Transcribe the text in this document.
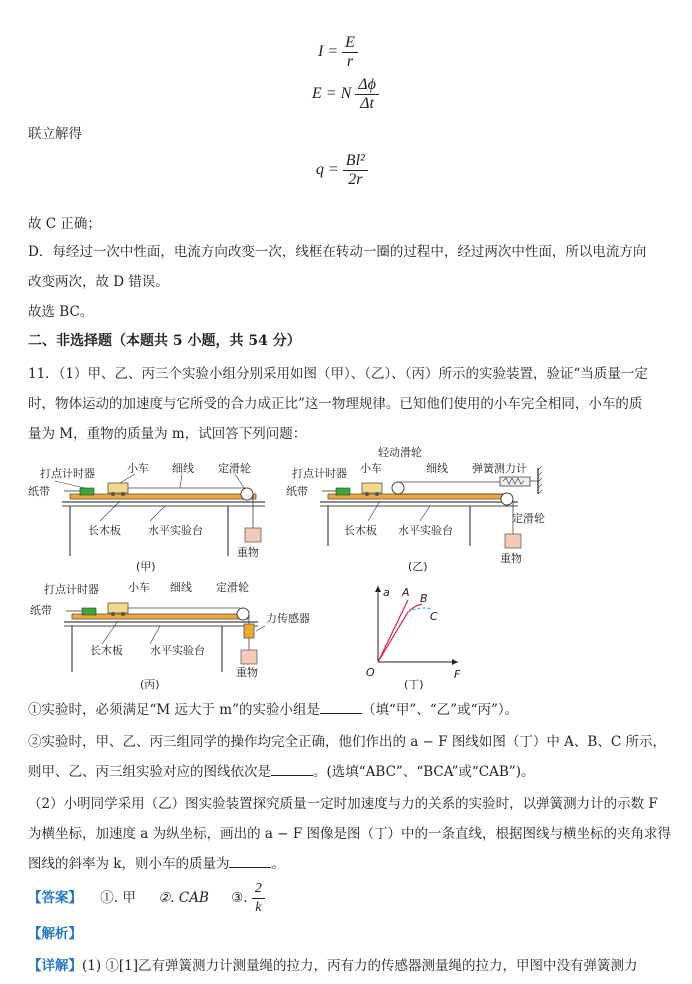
$I = \frac{E}{r}$
E = N $\frac{\Delta\phi}{\Delta t}$
联立解得
$q = \frac{\text{Bl²}}{2r}$
故 C 正确；
D．每经过一次中性面，电流方向改变一次，线框在转动一圈的过程中，经过两次中性面，所以电流方向
改变两次，故 D 错误。
故选 BC。
二、非选择题（本题共 5 小题，共 54 分）
11．（1）甲、乙、丙三个实验小组分别采用如图（甲）、（乙）、（丙）所示的实验装置，验证“当质量一定
时，物体运动的加速度与它所受的合力成正比”这一物理规律。已知他们使用的小车完全相同，小车的质
量为 M，重物的质量为 m，试回答下列问题：
打点计时器	小车 细线 定滑轮
纸带
长木板 水平实验台
重物
(甲)
轻动滑轮
打点计时器 小车	细线 弹簧测力计
纸带
定滑轮
长木板 水平实验台
重物
(乙)
打点计时器	小车 细线 定滑轮
纸带
力传感器
长木板 水平实验台
重物
(丙)
a
F
O
A B
C
(丁)
①实验时，必须满足“M 远大于 m”的实验小组是	（填“甲”、“乙”或“丙”）。
②实验时，甲、乙、丙三组同学的操作均完全正确，他们作出的 a − F 图线如图（丁）中 A、B、C 所示，
则甲、乙、丙三组实验对应的图线依次是	。(选填“ABC”、“BCA”或“CAB”)。
（2）小明同学采用（乙）图实验装置探究质量一定时加速度与力的关系的实验时，以弹簧测力计的示数 F
为横坐标，加速度 a 为纵坐标，画出的 a − F 图像是图（丁）中的一条直线，根据图线与横坐标的夹角求得
图线的斜率为 k，则小车的质量为	。
【答案】 ①. 甲 ②. CAB ③. $\frac{2}{k}$
【解析】
【详解】(1) ①[1]乙有弹簧测力计测量绳的拉力，丙有力的传感器测量绳的拉力，甲图中没有弹簧测力
